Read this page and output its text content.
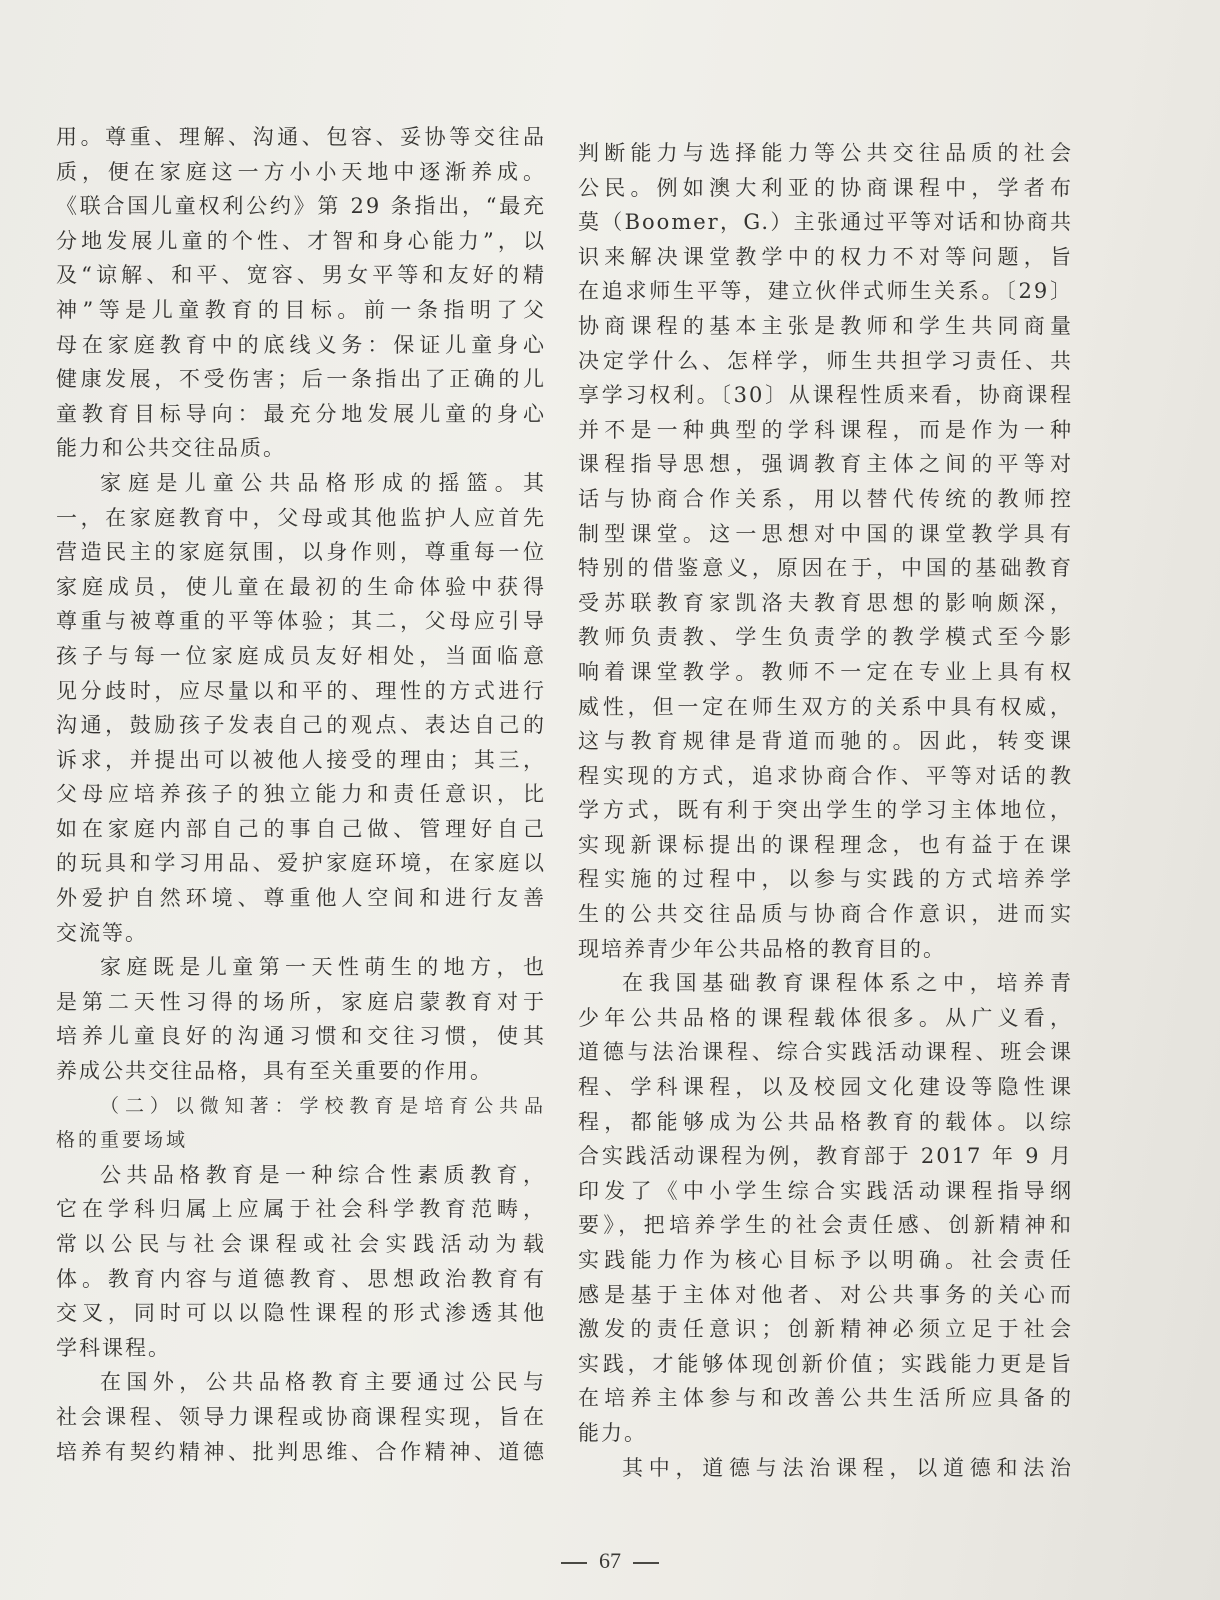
用。尊重、理解、沟通、包容、妥协等交往品
质，便在家庭这一方小小天地中逐渐养成。
《联合国儿童权利公约》第 29 条指出，“最充
分地发展儿童的个性、才智和身心能力”，以
及“谅解、和平、宽容、男女平等和友好的精
神”等是儿童教育的目标。前一条指明了父
母在家庭教育中的底线义务：保证儿童身心
健康发展，不受伤害；后一条指出了正确的儿
童教育目标导向：最充分地发展儿童的身心
能力和公共交往品质。
家庭是儿童公共品格形成的摇篮。其
一，在家庭教育中，父母或其他监护人应首先
营造民主的家庭氛围，以身作则，尊重每一位
家庭成员，使儿童在最初的生命体验中获得
尊重与被尊重的平等体验；其二，父母应引导
孩子与每一位家庭成员友好相处，当面临意
见分歧时，应尽量以和平的、理性的方式进行
沟通，鼓励孩子发表自己的观点、表达自己的
诉求，并提出可以被他人接受的理由；其三，
父母应培养孩子的独立能力和责任意识，比
如在家庭内部自己的事自己做、管理好自己
的玩具和学习用品、爱护家庭环境，在家庭以
外爱护自然环境、尊重他人空间和进行友善
交流等。
家庭既是儿童第一天性萌生的地方，也
是第二天性习得的场所，家庭启蒙教育对于
培养儿童良好的沟通习惯和交往习惯，使其
养成公共交往品格，具有至关重要的作用。
（二）以微知著：学校教育是培育公共品
格的重要场域
公共品格教育是一种综合性素质教育，
它在学科归属上应属于社会科学教育范畴，
常以公民与社会课程或社会实践活动为载
体。教育内容与道德教育、思想政治教育有
交叉，同时可以以隐性课程的形式渗透其他
学科课程。
在国外，公共品格教育主要通过公民与
社会课程、领导力课程或协商课程实现，旨在
培养有契约精神、批判思维、合作精神、道德
判断能力与选择能力等公共交往品质的社会
公民。例如澳大利亚的协商课程中，学者布
莫（Boomer，G.）主张通过平等对话和协商共
识来解决课堂教学中的权力不对等问题，旨
在追求师生平等，建立伙伴式师生关系。〔29〕
协商课程的基本主张是教师和学生共同商量
决定学什么、怎样学，师生共担学习责任、共
享学习权利。〔30〕从课程性质来看，协商课程
并不是一种典型的学科课程，而是作为一种
课程指导思想，强调教育主体之间的平等对
话与协商合作关系，用以替代传统的教师控
制型课堂。这一思想对中国的课堂教学具有
特别的借鉴意义，原因在于，中国的基础教育
受苏联教育家凯洛夫教育思想的影响颇深，
教师负责教、学生负责学的教学模式至今影
响着课堂教学。教师不一定在专业上具有权
威性，但一定在师生双方的关系中具有权威，
这与教育规律是背道而驰的。因此，转变课
程实现的方式，追求协商合作、平等对话的教
学方式，既有利于突出学生的学习主体地位，
实现新课标提出的课程理念，也有益于在课
程实施的过程中，以参与实践的方式培养学
生的公共交往品质与协商合作意识，进而实
现培养青少年公共品格的教育目的。
在我国基础教育课程体系之中，培养青
少年公共品格的课程载体很多。从广义看，
道德与法治课程、综合实践活动课程、班会课
程、学科课程，以及校园文化建设等隐性课
程，都能够成为公共品格教育的载体。以综
合实践活动课程为例，教育部于 2017 年 9 月
印发了《中小学生综合实践活动课程指导纲
要》，把培养学生的社会责任感、创新精神和
实践能力作为核心目标予以明确。社会责任
感是基于主体对他者、对公共事务的关心而
激发的责任意识；创新精神必须立足于社会
实践，才能够体现创新价值；实践能力更是旨
在培养主体参与和改善公共生活所应具备的
能力。
其中，道德与法治课程，以道德和法治
67
